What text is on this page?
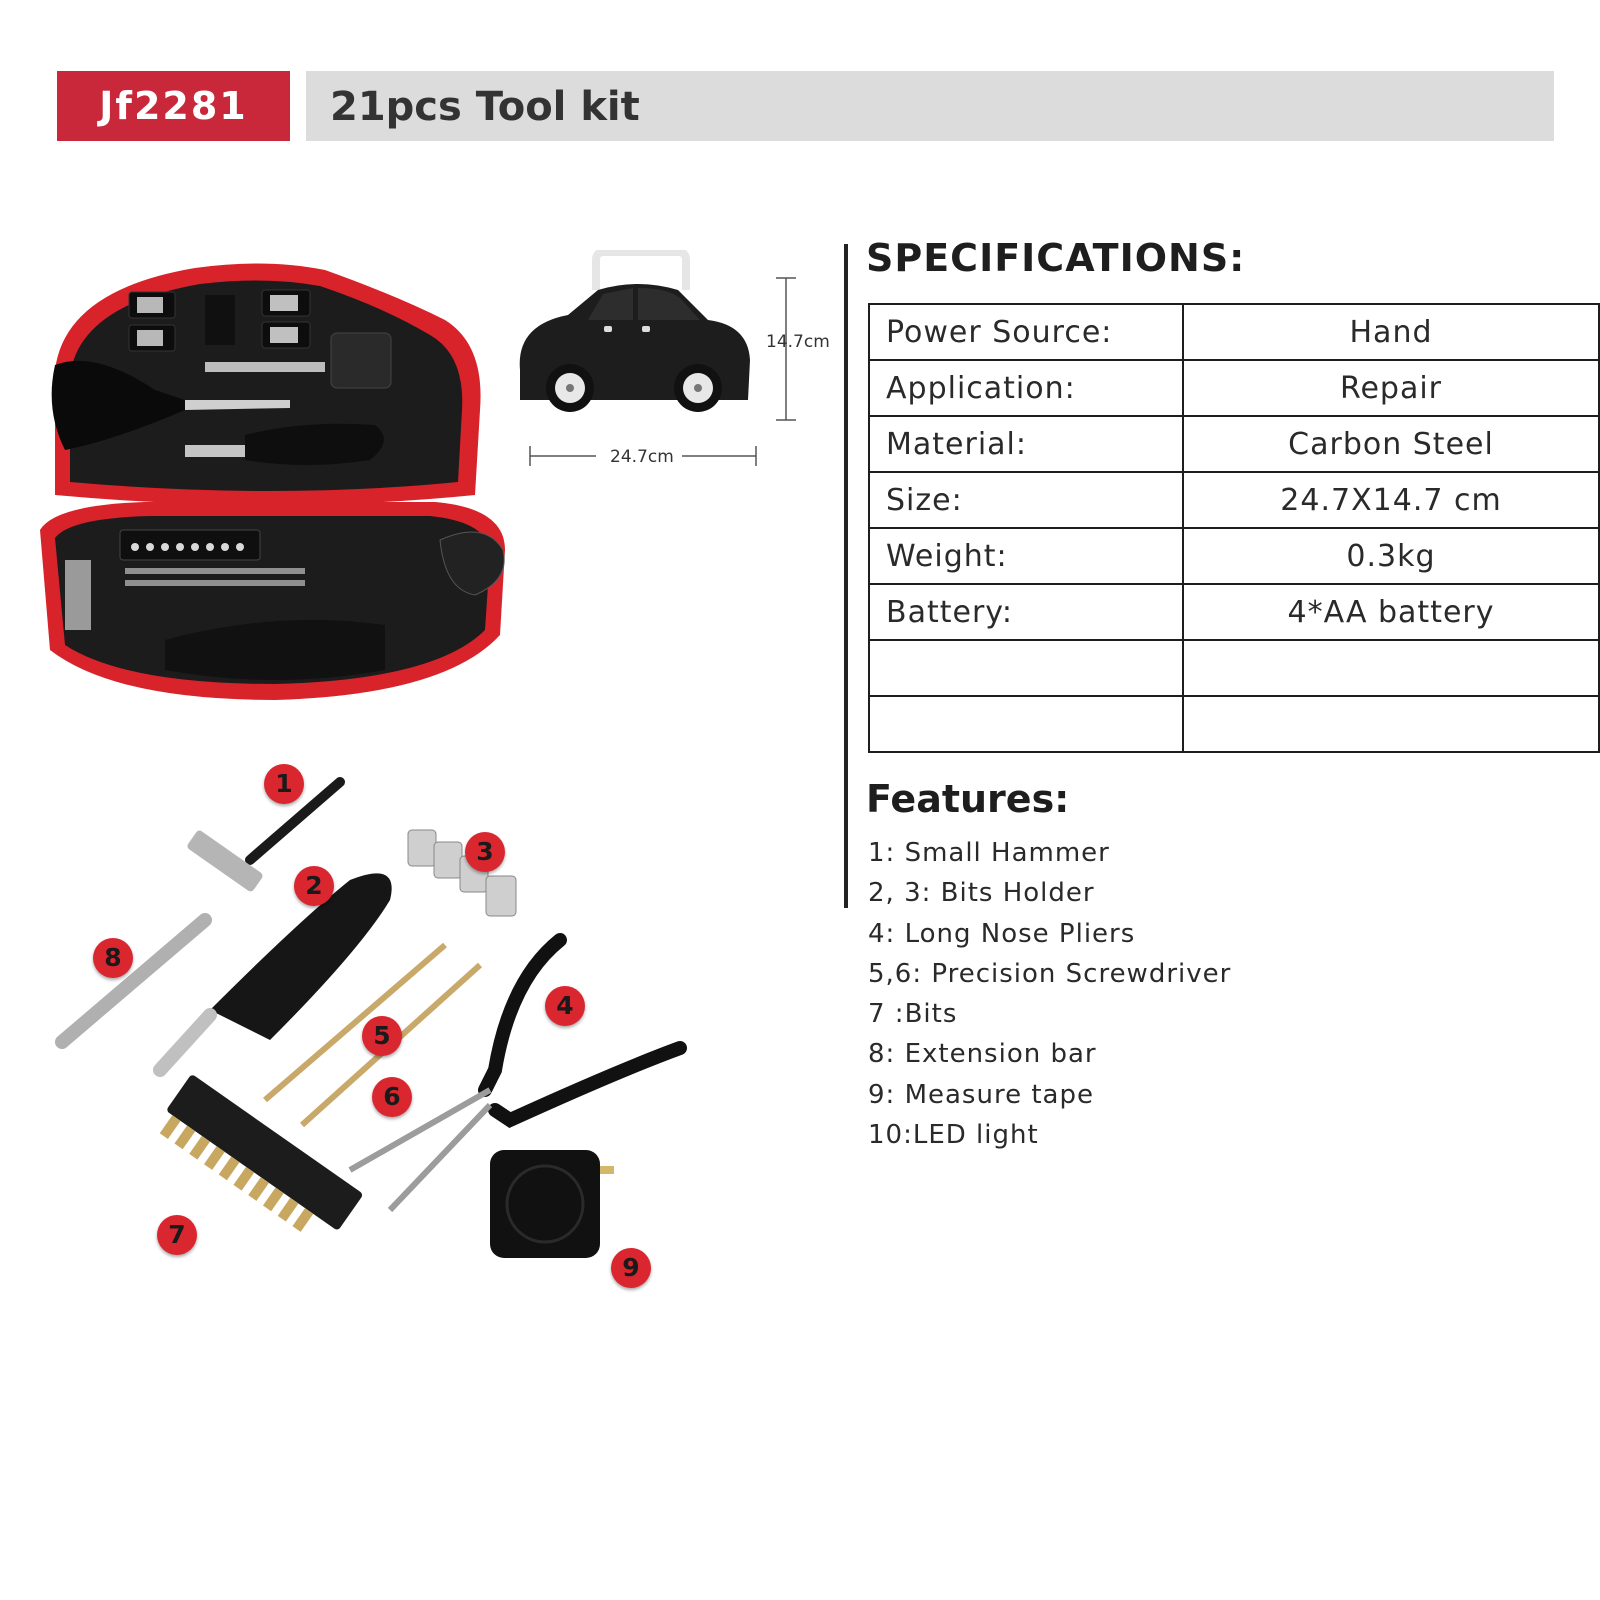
Jf2281 21pcs Tool kit
14.7cm
24.7cm
1
2
3
4
5
6
7
8
9
SPECIFICATIONS:
Power Source:	Hand
Application:	Repair
Material:	Carbon Steel
Size:	24.7X14.7 cm
Weight:	0.3kg
Battery:	4*AA battery

Features:
1: Small Hammer
2, 3: Bits Holder
4: Long Nose Pliers
5,6: Precision Screwdriver
7 :Bits
8: Extension bar
9: Measure tape
10:LED light
